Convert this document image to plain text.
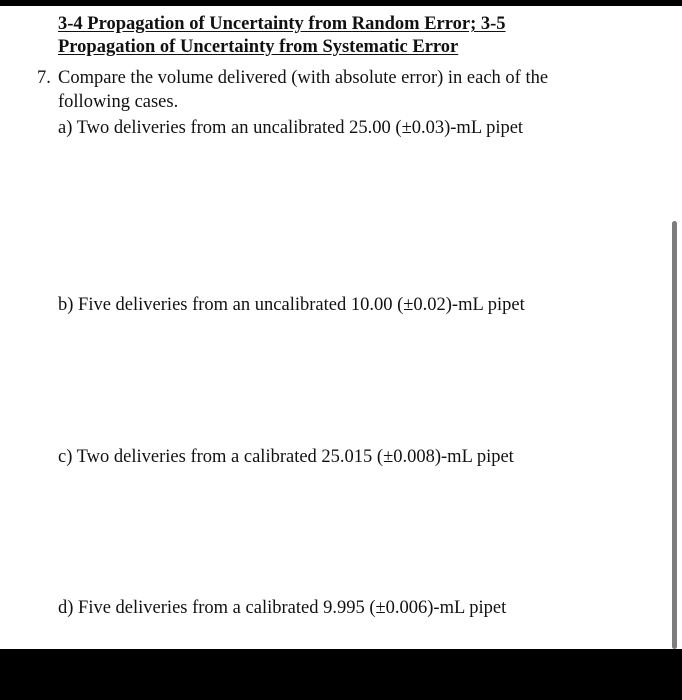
3-4 Propagation of Uncertainty from Random Error; 3-5
Propagation of Uncertainty from Systematic Error
7. Compare the volume delivered (with absolute error) in each of the following cases.
a) Two deliveries from an uncalibrated 25.00 (±0.03)-mL pipet
b) Five deliveries from an uncalibrated 10.00 (±0.02)-mL pipet
c) Two deliveries from a calibrated 25.015 (±0.008)-mL pipet
d) Five deliveries from a calibrated 9.995 (±0.006)-mL pipet
